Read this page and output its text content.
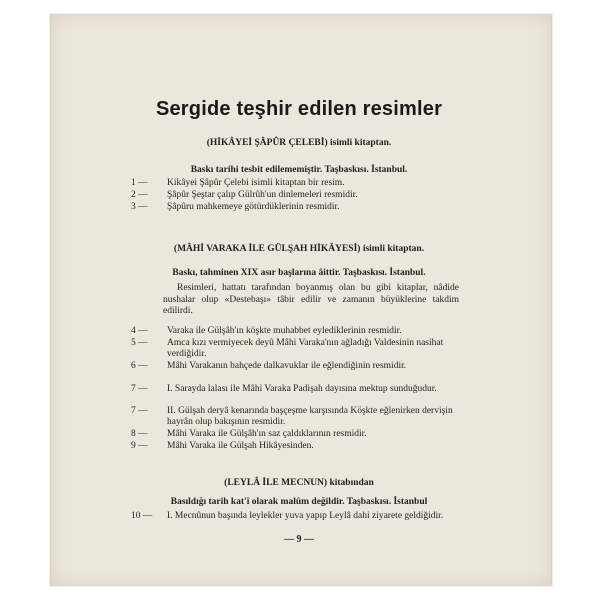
Sergide teşhir edilen resimler
(HİKÂYEİ ŞÂPÛR ÇELEBİ) isimli kitaptan.
Baskı tarihi tesbit edilememiştir. Taşbaskısı. İstanbul.
1 —	Kikâyei Şâpûr Çelebi isimli kitaptan bir resim.
2 —	Şâpûr Şeştar çalıp Gülrûh'un dinlemeleri resmidir.
3 —	Şâpûru mahkemeye götürdüklerinin resmidir.
(MÂHİ VARAKA İLE GÜLŞAH HİKÂYESİ) isimli kitaptan.
Baskı, tahminen XIX asır başlarına âittir. Taşbaskısı. İstanbul.
Resimleri, hattatı tarafından boyanmış olan bu gibi kitaplar, nâdide nushalar olup «Destebaşı» tâbir edilir ve zamanın büyüklerine takdim edilirdi.
4 —	Varaka ile Gülşâh'ın köşkte muhabbet eylediklerinin resmidir.
5 —	Amca kızı vermiyecek deyû Mâhi Varaka'nın ağladığı Valdesinin nasihat verdiğidir.
6 —	Mâhi Varakanın bahçede dalkavuklar ile eğlendiğinin resmidir.
7 —	I. Sarayda lalası ile Mâhi Varaka Padişah dayısına mektup sunduğudur.
7 —	II. Gülşah deryâ kenarında başçeşme karşısında Köşkte eğlenirken dervişin hayrân olup bakışının resmidir.
8 —	Mâhi Varaka ile Gülşâh'ın saz çaldıklarının resmidir.
9 —	Mâhi Varaka ile Gülşah Hikâyesinden.
(LEYLÂ İLE MECNUN) kitabından
Basıldığı tarih kat'î olarak malûm değildir. Taşbaskısı. İstanbul
10 —	I. Mecnûnun başında leylekler yuva yapıp Leylâ dahi ziyarete geldiğidir.
— 9 —
